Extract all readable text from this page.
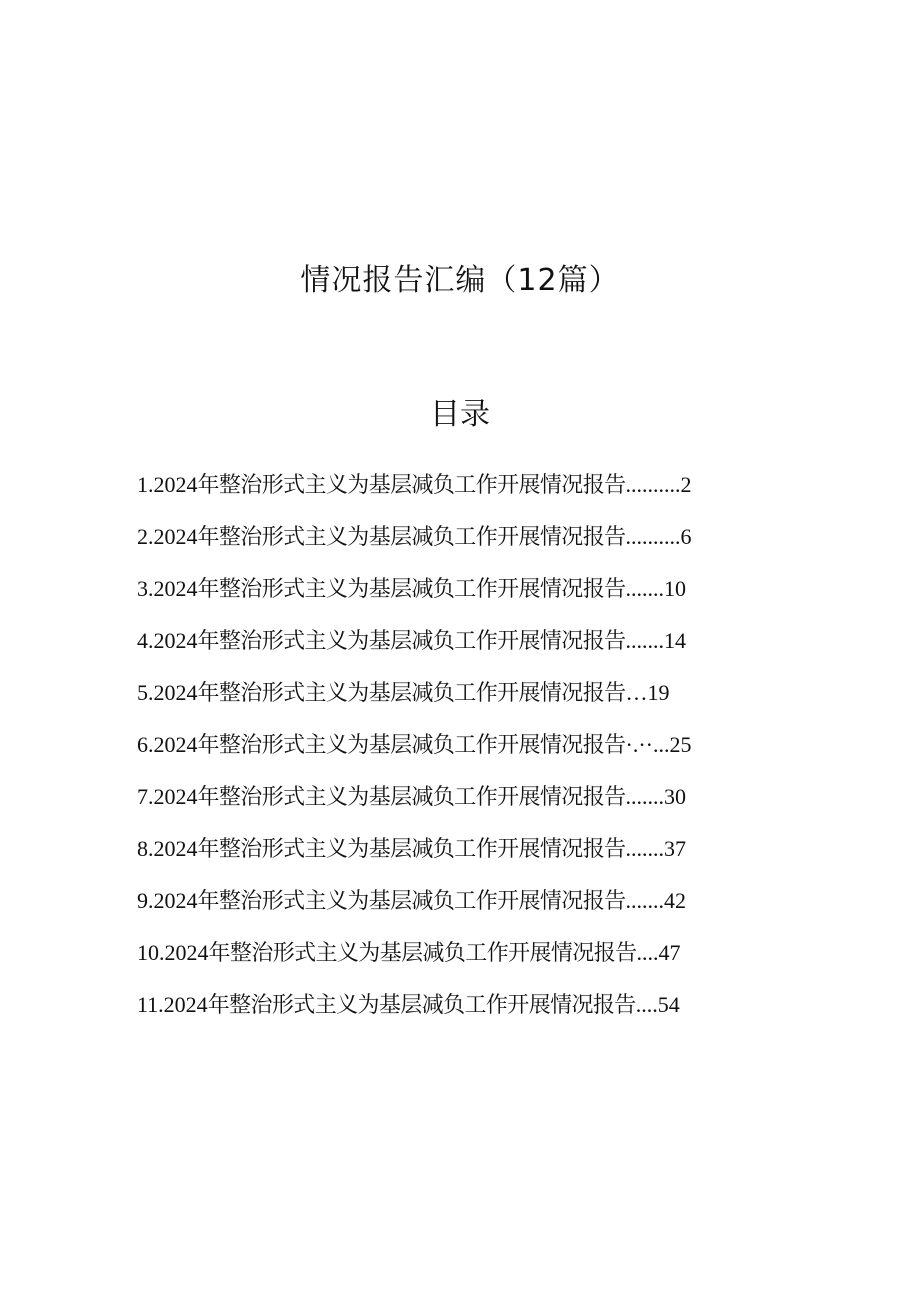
情况报告汇编（12篇）
目录
1.2024年整治形式主义为基层减负工作开展情况报告..........2
2.2024年整治形式主义为基层减负工作开展情况报告..........6
3.2024年整治形式主义为基层减负工作开展情况报告.......10
4.2024年整治形式主义为基层减负工作开展情况报告.......14
5.2024年整治形式主义为基层减负工作开展情况报告…19
6.2024年整治形式主义为基层减负工作开展情况报告·.··...25
7.2024年整治形式主义为基层减负工作开展情况报告.......30
8.2024年整治形式主义为基层减负工作开展情况报告.......37
9.2024年整治形式主义为基层减负工作开展情况报告.......42
10.2024年整治形式主义为基层减负工作开展情况报告....47
11.2024年整治形式主义为基层减负工作开展情况报告....54
